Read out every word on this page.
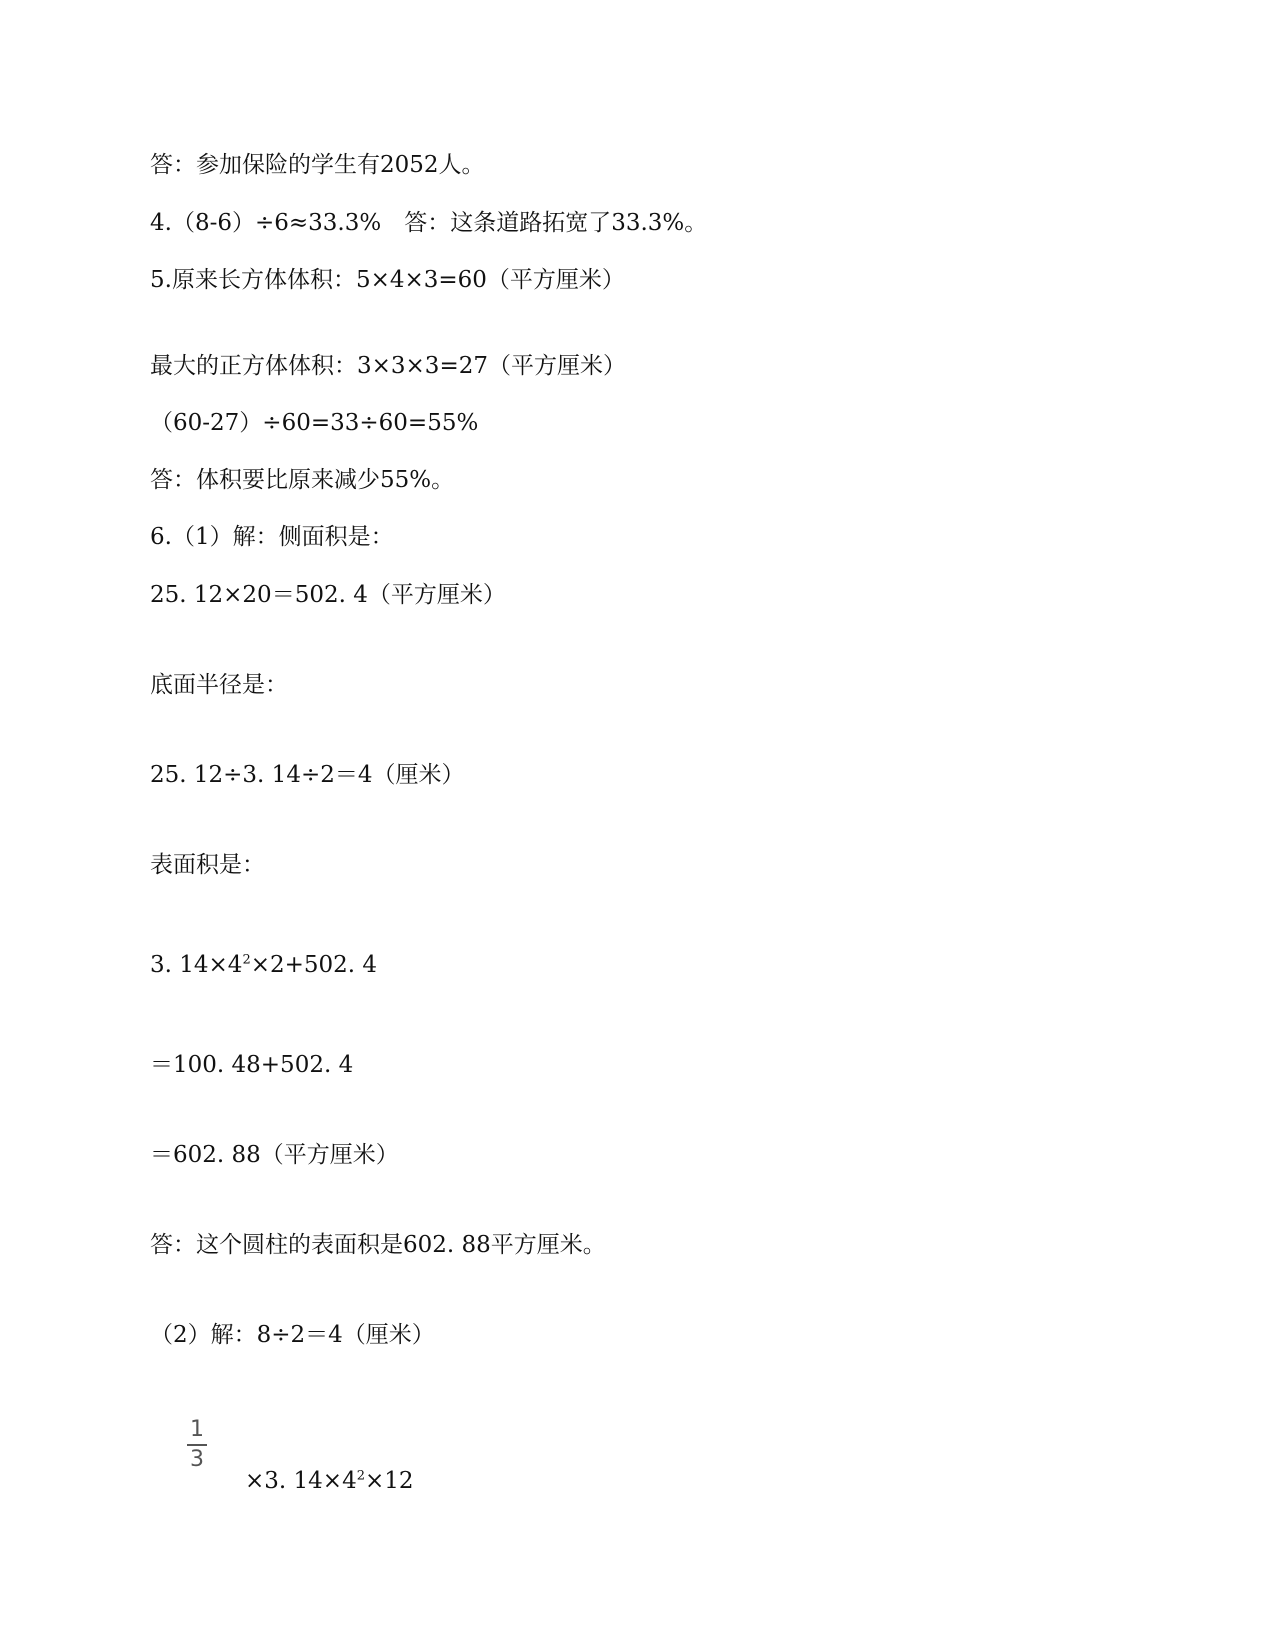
答：参加保险的学生有2052人。
4.（8-6）÷6≈33.3%　答：这条道路拓宽了33.3%。
5.原来长方体体积：5×4×3=60（平方厘米）
最大的正方体体积：3×3×3=27（平方厘米）
（60-27）÷60=33÷60=55%
答：体积要比原来减少55%。
6.（1）解：侧面积是：
25. 12×20＝502. 4（平方厘米）
底面半径是：
25. 12÷3. 14÷2＝4（厘米）
表面积是：
3. $14\times 4^2\times 2+502$. 4
＝100. 48+502. 4
＝602. 88（平方厘米）
答：这个圆柱的表面积是602. 88平方厘米。
（2）解：8÷2＝4（厘米）
1
3
×3. $14\times 4^2\times 12$
